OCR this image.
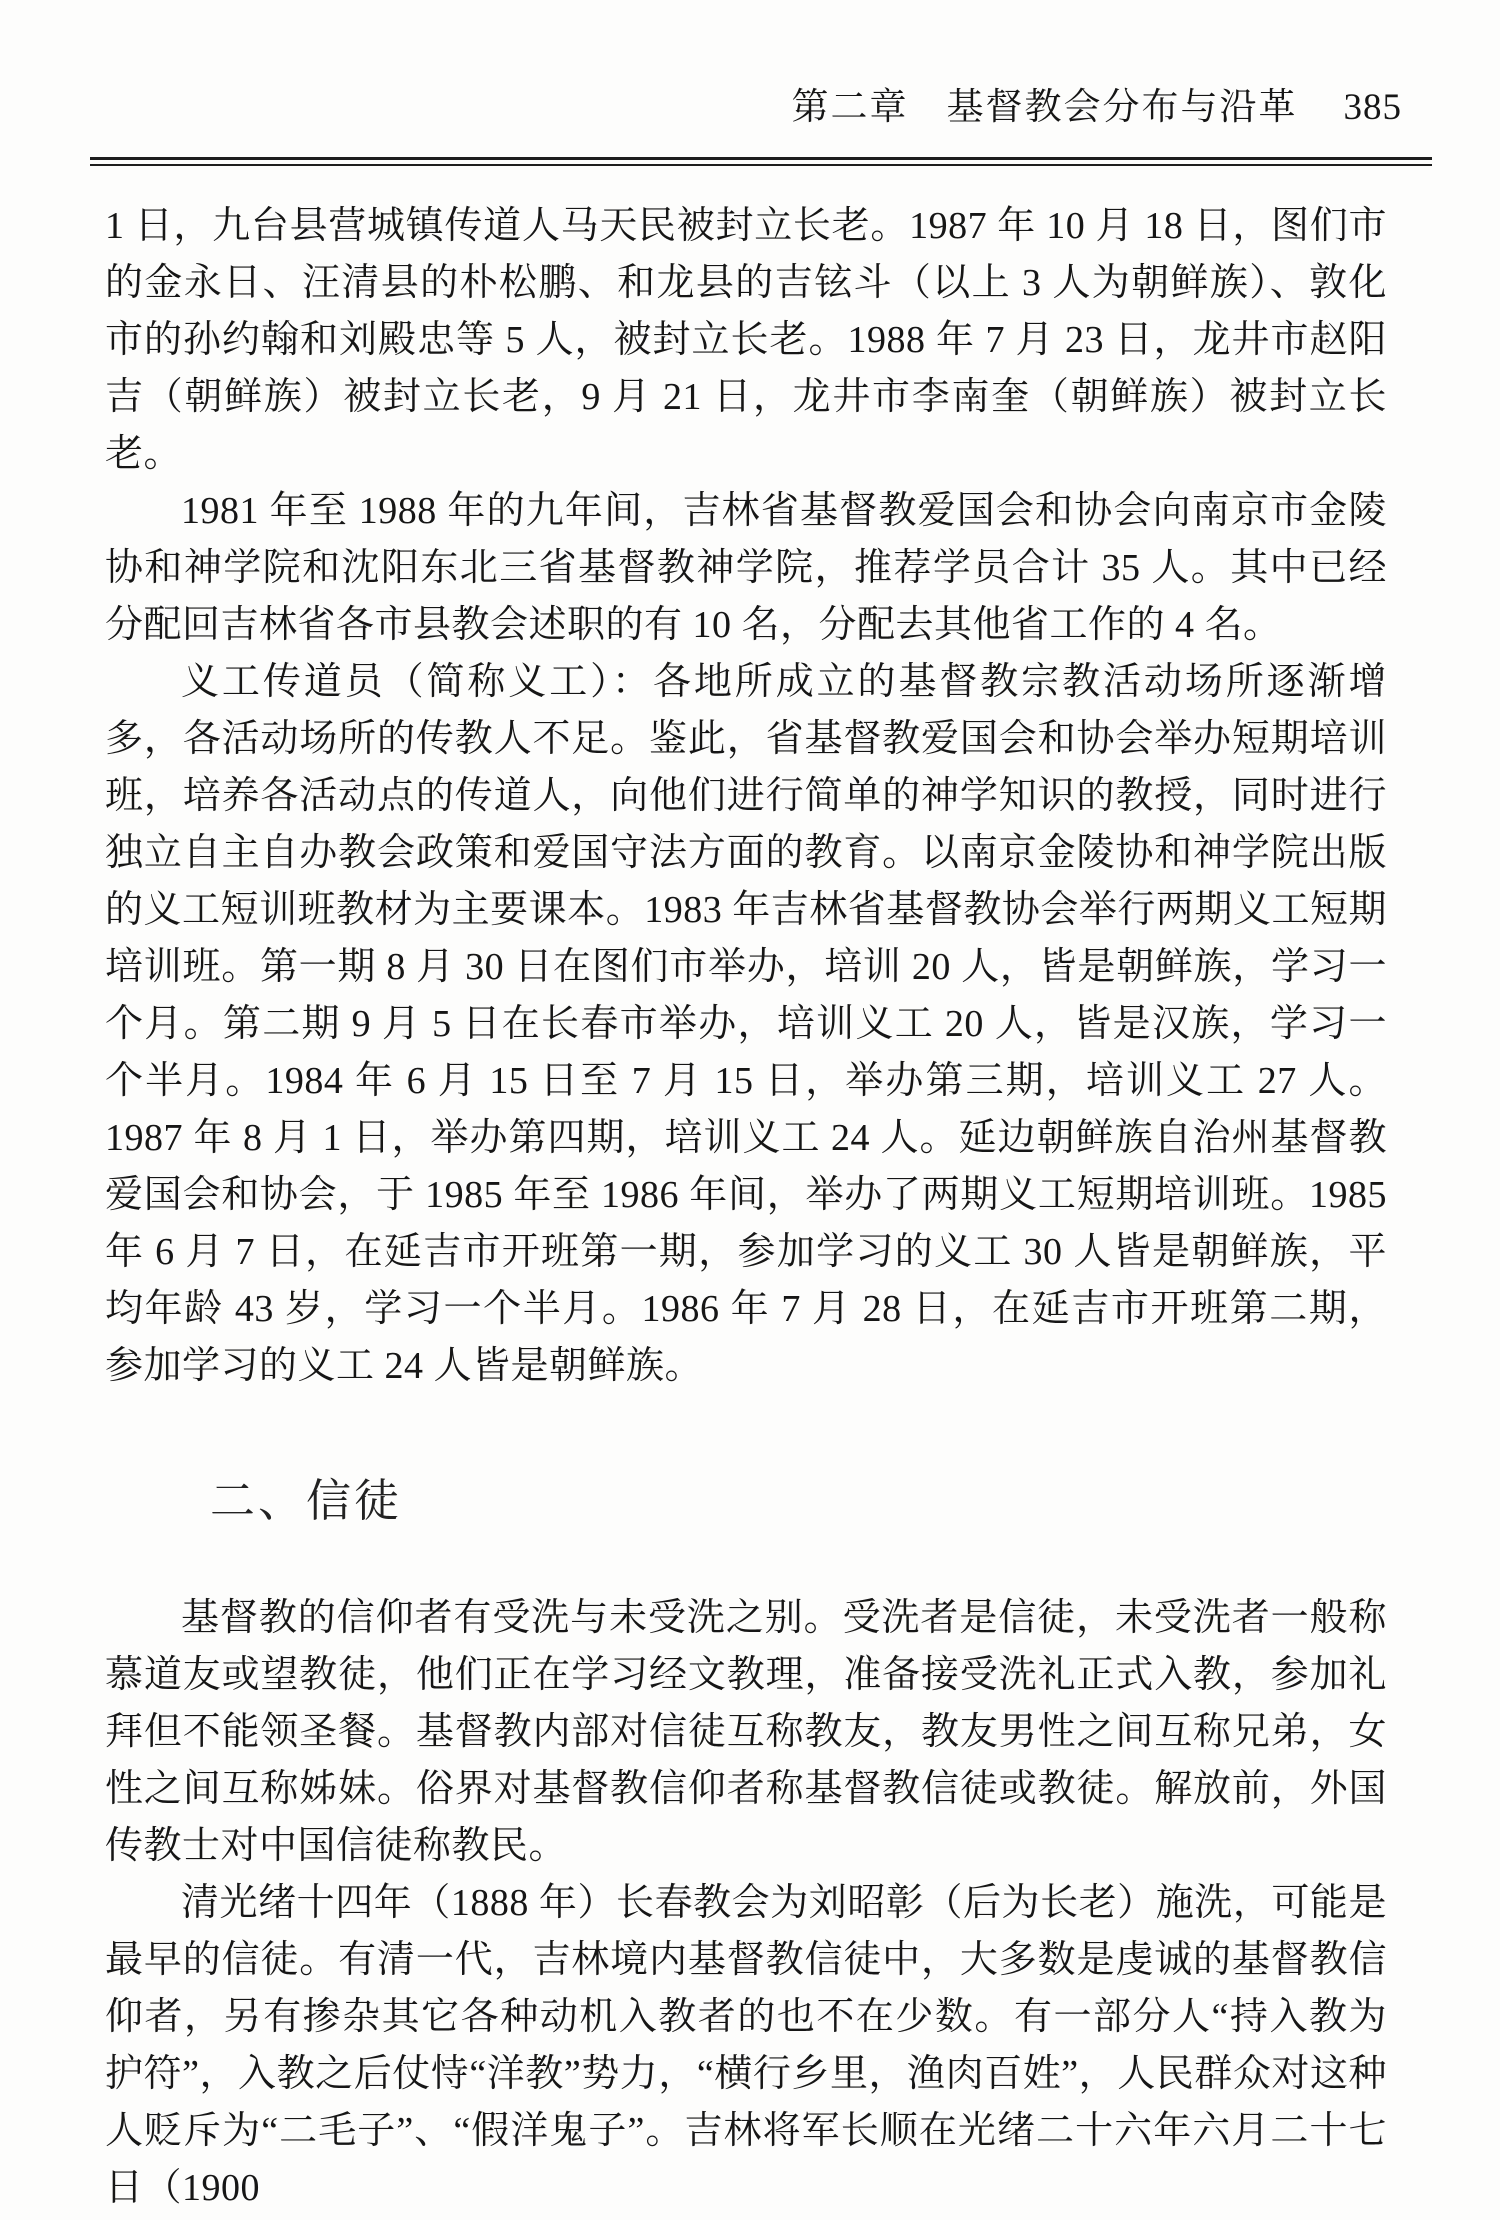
第二章 基督教会分布与沿革 385

1 日，九台县营城镇传道人马天民被封立长老。1987 年 10 月 18 日，图们市的金永日、汪清县的朴松鹏、和龙县的吉铉斗（以上 3 人为朝鲜族）、敦化市的孙约翰和刘殿忠等 5 人，被封立长老。1988 年 7 月 23 日，龙井市赵阳吉（朝鲜族）被封立长老，9 月 21 日，龙井市李南奎（朝鲜族）被封立长老。

1981 年至 1988 年的九年间，吉林省基督教爱国会和协会向南京市金陵协和神学院和沈阳东北三省基督教神学院，推荐学员合计 35 人。其中已经分配回吉林省各市县教会述职的有 10 名，分配去其他省工作的 4 名。

义工传道员（简称义工）：各地所成立的基督教宗教活动场所逐渐增多，各活动场所的传教人不足。鉴此，省基督教爱国会和协会举办短期培训班，培养各活动点的传道人，向他们进行简单的神学知识的教授，同时进行独立自主自办教会政策和爱国守法方面的教育。以南京金陵协和神学院出版的义工短训班教材为主要课本。1983 年吉林省基督教协会举行两期义工短期培训班。第一期 8 月 30 日在图们市举办，培训 20 人，皆是朝鲜族，学习一个月。第二期 9 月 5 日在长春市举办，培训义工 20 人，皆是汉族，学习一个半月。1984 年 6 月 15 日至 7 月 15 日，举办第三期，培训义工 27 人。1987 年 8 月 1 日，举办第四期，培训义工 24 人。延边朝鲜族自治州基督教爱国会和协会，于 1985 年至 1986 年间，举办了两期义工短期培训班。1985 年 6 月 7 日，在延吉市开班第一期，参加学习的义工 30 人皆是朝鲜族，平均年龄 43 岁，学习一个半月。1986 年 7 月 28 日，在延吉市开班第二期，参加学习的义工 24 人皆是朝鲜族。

二、信徒

基督教的信仰者有受洗与未受洗之别。受洗者是信徒，未受洗者一般称慕道友或望教徒，他们正在学习经文教理，准备接受洗礼正式入教，参加礼拜但不能领圣餐。基督教内部对信徒互称教友，教友男性之间互称兄弟，女性之间互称姊妹。俗界对基督教信仰者称基督教信徒或教徒。解放前，外国传教士对中国信徒称教民。

清光绪十四年（1888 年）长春教会为刘昭彰（后为长老）施洗，可能是最早的信徒。有清一代，吉林境内基督教信徒中，大多数是虔诚的基督教信仰者，另有掺杂其它各种动机入教者的也不在少数。有一部分人“持入教为护符”，入教之后仗恃“洋教”势力，“横行乡里，渔肉百姓”，人民群众对这种人贬斥为“二毛子”、“假洋鬼子”。吉林将军长顺在光绪二十六年六月二十七日（1900
